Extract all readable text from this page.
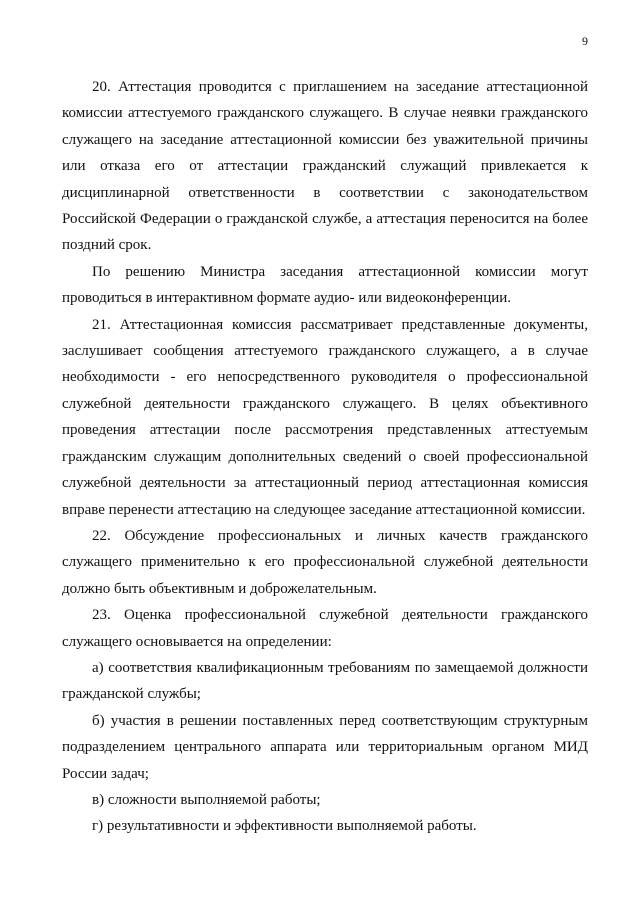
9

20. Аттестация проводится с приглашением на заседание аттестационной комиссии аттестуемого гражданского служащего. В случае неявки гражданского служащего на заседание аттестационной комиссии без уважительной причины или отказа его от аттестации гражданский служащий привлекается к дисциплинарной ответственности в соответствии с законодательством Российской Федерации о гражданской службе, а аттестация переносится на более поздний срок.

По решению Министра заседания аттестационной комиссии могут проводиться в интерактивном формате аудио- или видеоконференции.

21. Аттестационная комиссия рассматривает представленные документы, заслушивает сообщения аттестуемого гражданского служащего, а в случае необходимости - его непосредственного руководителя о профессиональной служебной деятельности гражданского служащего. В целях объективного проведения аттестации после рассмотрения представленных аттестуемым гражданским служащим дополнительных сведений о своей профессиональной служебной деятельности за аттестационный период аттестационная комиссия вправе перенести аттестацию на следующее заседание аттестационной комиссии.

22. Обсуждение профессиональных и личных качеств гражданского служащего применительно к его профессиональной служебной деятельности должно быть объективным и доброжелательным.

23. Оценка профессиональной служебной деятельности гражданского служащего основывается на определении:

а) соответствия квалификационным требованиям по замещаемой должности гражданской службы;

б) участия в решении поставленных перед соответствующим структурным подразделением центрального аппарата или территориальным органом МИД России задач;

в) сложности выполняемой работы;

г) результативности и эффективности выполняемой работы.
